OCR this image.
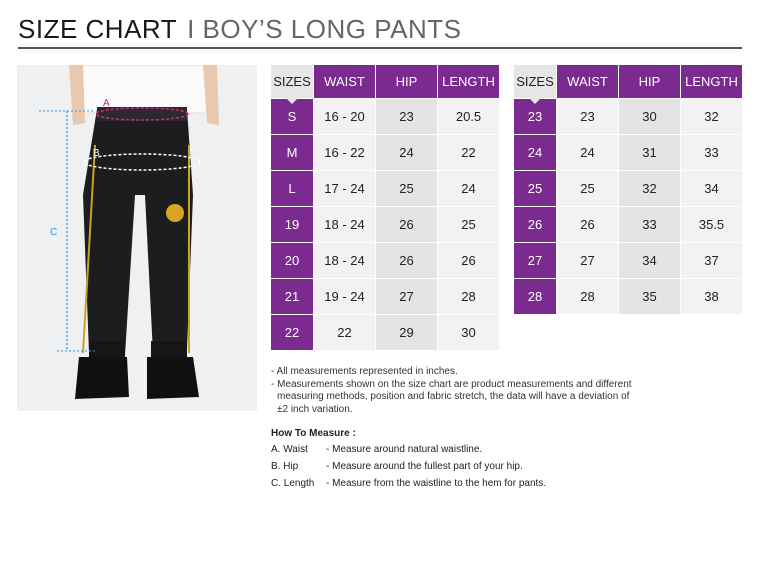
SIZE CHART I BOY’S LONG PANTS
A
B
C
SIZES	WAIST	HIP	LENGTH
S	16 - 20	23	20.5
M	16 - 22	24	22
L	17 - 24	25	24
19	18 - 24	26	25
20	18 - 24	26	26
21	19 - 24	27	28
22	22	29	30
SIZES	WAIST	HIP	LENGTH
23	23	30	32
24	24	31	33
25	25	32	34
26	26	33	35.5
27	27	34	37
28	28	35	38

- All measurements represented in inches.

- Measurements shown on the size chart are product measurements and different

measuring methods, position and fabric stretch, the data will have a deviation of

±2 inch variation.

How To Measure :
A. Waist	- Measure around natural waistline.
B. Hip	- Measure around the fullest part of your hip.
C. Length	- Measure from the waistline to the hem for pants.
